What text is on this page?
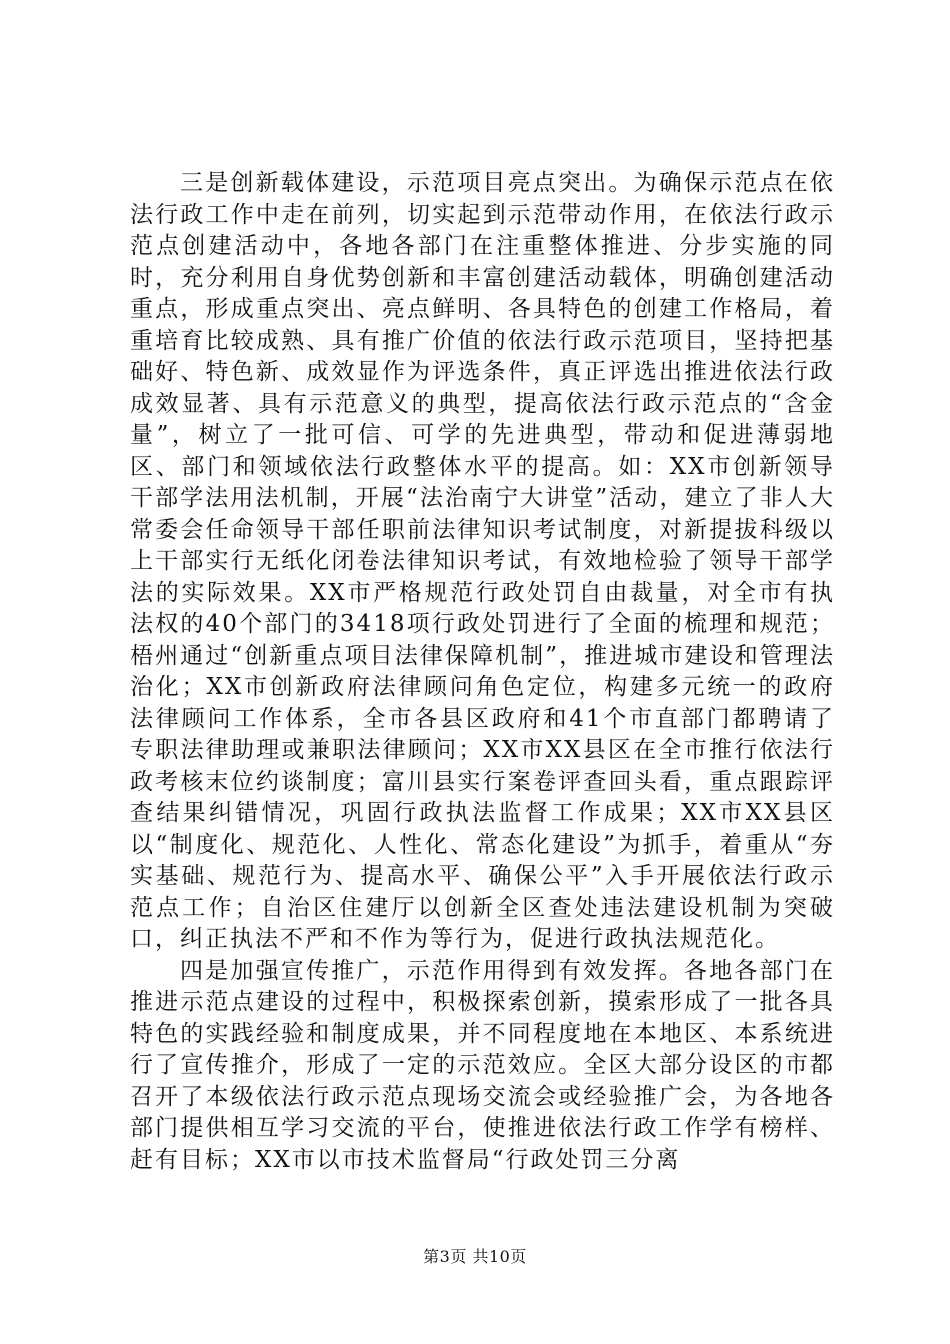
三是创新载体建设，示范项目亮点突出。为确保示范点在依法行政工作中走在前列，切实起到示范带动作用，在依法行政示范点创建活动中，各地各部门在注重整体推进、分步实施的同时，充分利用自身优势创新和丰富创建活动载体，明确创建活动重点，形成重点突出、亮点鲜明、各具特色的创建工作格局，着重培育比较成熟、具有推广价值的依法行政示范项目，坚持把基础好、特色新、成效显作为评选条件，真正评选出推进依法行政成效显著、具有示范意义的典型，提高依法行政示范点的“含金量”，树立了一批可信、可学的先进典型，带动和促进薄弱地区、部门和领域依法行政整体水平的提高。如：XX市创新领导干部学法用法机制，开展“法治南宁大讲堂”活动，建立了非人大常委会任命领导干部任职前法律知识考试制度，对新提拔科级以上干部实行无纸化闭卷法律知识考试，有效地检验了领导干部学法的实际效果。XX市严格规范行政处罚自由裁量，对全市有执法权的40个部门的3418项行政处罚进行了全面的梳理和规范；梧州通过“创新重点项目法律保障机制”，推进城市建设和管理法治化；XX市创新政府法律顾问角色定位，构建多元统一的政府法律顾问工作体系，全市各县区政府和41个市直部门都聘请了专职法律助理或兼职法律顾问；XX市XX县区在全市推行依法行政考核末位约谈制度；富川县实行案卷评查回头看，重点跟踪评查结果纠错情况，巩固行政执法监督工作成果；XX市XX县区以“制度化、规范化、人性化、常态化建设”为抓手，着重从“夯实基础、规范行为、提高水平、确保公平”入手开展依法行政示范点工作；自治区住建厅以创新全区查处违法建设机制为突破口，纠正执法不严和不作为等行为，促进行政执法规范化。

四是加强宣传推广，示范作用得到有效发挥。各地各部门在推进示范点建设的过程中，积极探索创新，摸索形成了一批各具特色的实践经验和制度成果，并不同程度地在本地区、本系统进行了宣传推介，形成了一定的示范效应。全区大部分设区的市都召开了本级依法行政示范点现场交流会或经验推广会，为各地各部门提供相互学习交流的平台，使推进依法行政工作学有榜样、赶有目标；XX市以市技术监督局“行政处罚三分离

第3页 共10页
